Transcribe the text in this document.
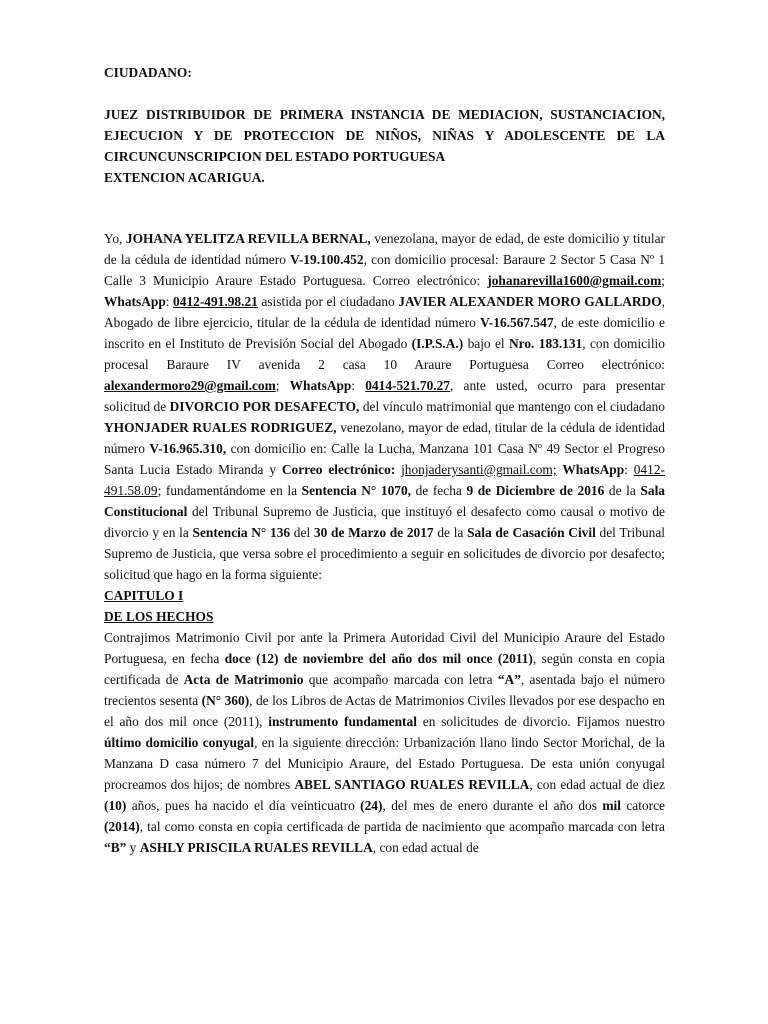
CIUDADANO:

JUEZ DISTRIBUIDOR DE PRIMERA INSTANCIA DE MEDIACION, SUSTANCIACION, EJECUCION Y DE PROTECCION DE NIÑOS, NIÑAS Y ADOLESCENTE DE LA CIRCUNCUNSCRIPCION DEL ESTADO PORTUGUESA

EXTENCION ACARIGUA.

Yo, JOHANA YELITZA REVILLA BERNAL, venezolana, mayor de edad, de este domicilio y titular de la cédula de identidad número V-19.100.452, con domicilio procesal: Baraure 2 Sector 5 Casa Nº 1 Calle 3 Municipio Araure Estado Portuguesa. Correo electrónico: johanarevilla1600@gmail.com; WhatsApp: 0412-491.98.21 asistida por el ciudadano JAVIER ALEXANDER MORO GALLARDO, Abogado de libre ejercicio, titular de la cédula de identidad número V-16.567.547, de este domicilio e inscrito en el Instituto de Previsión Social del Abogado (I.P.S.A.) bajo el Nro. 183.131, con domicilio procesal Baraure IV avenida 2 casa 10 Araure Portuguesa Correo electrónico: alexandermoro29@gmail.com; WhatsApp: 0414-521.70.27, ante usted, ocurro para presentar solicitud de DIVORCIO POR DESAFECTO, del vínculo matrimonial que mantengo con el ciudadano YHONJADER RUALES RODRIGUEZ, venezolano, mayor de edad, titular de la cédula de identidad número V-16.965.310, con domicilio en: Calle la Lucha, Manzana 101 Casa Nº 49 Sector el Progreso Santa Lucia Estado Miranda y Correo electrónico: jhonjaderysanti@gmail.com; WhatsApp: 0412-491.58.09; fundamentándome en la Sentencia N° 1070, de fecha 9 de Diciembre de 2016 de la Sala Constitucional del Tribunal Supremo de Justicia, que instituyó el desafecto como causal o motivo de divorcio y en la Sentencia N° 136 del 30 de Marzo de 2017 de la Sala de Casación Civil del Tribunal Supremo de Justicia, que versa sobre el procedimiento a seguir en solicitudes de divorcio por desafecto; solicitud que hago en la forma siguiente:

CAPITULO I

DE LOS HECHOS

Contrajimos Matrimonio Civil por ante la Primera Autoridad Civil del Municipio Araure del Estado Portuguesa, en fecha doce (12) de noviembre del año dos mil once (2011), según consta en copia certificada de Acta de Matrimonio que acompaño marcada con letra “A”, asentada bajo el número trecientos sesenta (N° 360), de los Libros de Actas de Matrimonios Civiles llevados por ese despacho en el año dos mil once (2011), instrumento fundamental en solicitudes de divorcio. Fijamos nuestro último domicilio conyugal, en la siguiente dirección: Urbanización llano lindo Sector Morichal, de la Manzana D casa número 7 del Municipio Araure, del Estado Portuguesa. De esta unión conyugal procreamos dos hijos; de nombres ABEL SANTIAGO RUALES REVILLA, con edad actual de diez (10) años, pues ha nacido el día veinticuatro (24), del mes de enero durante el año dos mil catorce (2014), tal como consta en copia certificada de partida de nacimiento que acompaño marcada con letra “B” y ASHLY PRISCILA RUALES REVILLA, con edad actual de
